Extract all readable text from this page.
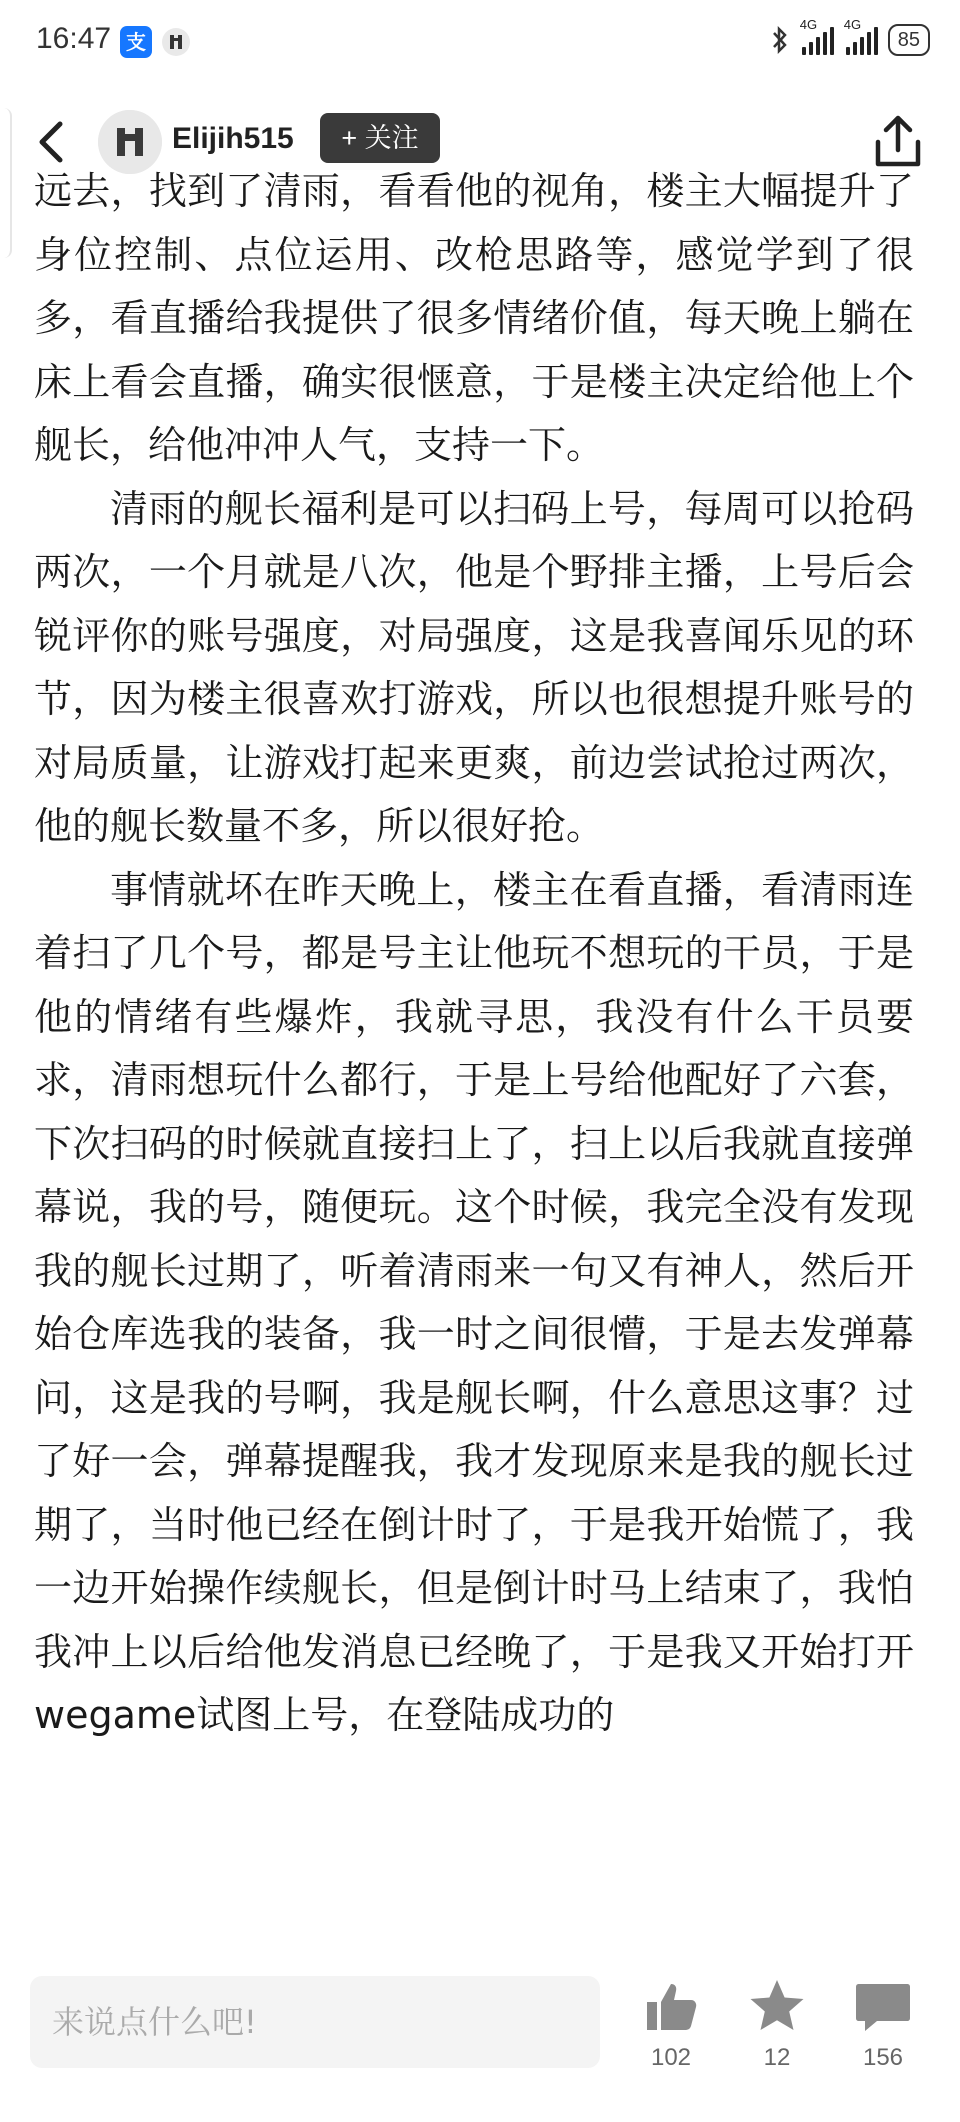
16:47 支
4G 4G
85
Elijih515	+ 关注

远去，找到了清雨，看看他的视角，楼主大幅提升了身位控制、点位运用、改枪思路等，感觉学到了很多，看直播给我提供了很多情绪价值，每天晚上躺在床上看会直播，确实很惬意，于是楼主决定给他上个舰长，给他冲冲人气，支持一下。

清雨的舰长福利是可以扫码上号，每周可以抢码两次，一个月就是八次，他是个野排主播，上号后会锐评你的账号强度，对局强度，这是我喜闻乐见的环节，因为楼主很喜欢打游戏，所以也很想提升账号的对局质量，让游戏打起来更爽，前边尝试抢过两次，他的舰长数量不多，所以很好抢。

事情就坏在昨天晚上，楼主在看直播，看清雨连着扫了几个号，都是号主让他玩不想玩的干员，于是他的情绪有些爆炸，我就寻思，我没有什么干员要求，清雨想玩什么都行，于是上号给他配好了六套，下次扫码的时候就直接扫上了，扫上以后我就直接弹幕说，我的号，随便玩。这个时候，我完全没有发现我的舰长过期了，听着清雨来一句又有神人，然后开始仓库选我的装备，我一时之间很懵，于是去发弹幕问，这是我的号啊，我是舰长啊，什么意思这事？过了好一会，弹幕提醒我，我才发现原来是我的舰长过期了，当时他已经在倒计时了，于是我开始慌了，我一边开始操作续舰长，但是倒计时马上结束了，我怕我冲上以后给他发消息已经晚了，于是我又开始打开wegame试图上号，在登陆成功的

来说点什么吧!
102	12	156
